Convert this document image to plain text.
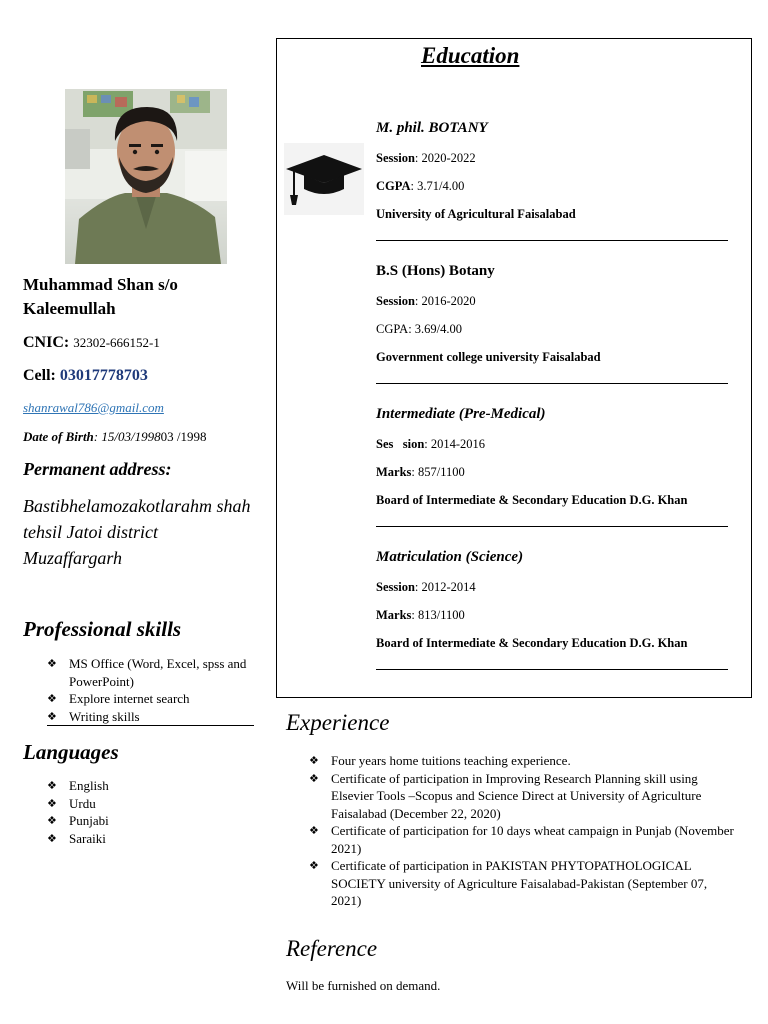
Muhammad Shan s/o Kaleemullah
CNIC: 32302-666152-1
Cell: 03017778703
shanrawal786@gmail.com
Date of Birth: 15/03/199803 /1998
Permanent address:
Bastibhelamozakotlarahm shah tehsil Jatoi district Muzaffargarh
Professional skills
❖ MS Office (Word, Excel, spss and PowerPoint)
❖ Explore internet search
❖ Writing skills
Languages
❖ English
❖ Urdu
❖ Punjabi
❖ Saraiki
Education
M. phil. BOTANY
Session: 2020-2022
CGPA: 3.71/4.00
University of Agricultural Faisalabad
B.S (Hons) Botany
Session: 2016-2020
CGPA: 3.69/4.00
Government college university Faisalabad
Intermediate (Pre-Medical)
Ses   sion: 2014-2016
Marks: 857/1100
Board of Intermediate & Secondary Education D.G. Khan
Matriculation (Science)
Session: 2012-2014
Marks: 813/1100
Board of Intermediate & Secondary Education D.G. Khan
Experience
❖ Four years home tuitions teaching experience.
❖ Certificate of participation in Improving Research Planning skill using Elsevier Tools –Scopus and Science Direct at University of Agriculture Faisalabad (December 22, 2020)
❖ Certificate of participation for 10 days wheat campaign in Punjab (November 2021)
❖ Certificate of participation in PAKISTAN PHYTOPATHOLOGICAL SOCIETY university of Agriculture Faisalabad-Pakistan (September 07, 2021)
Reference
Will be furnished on demand.
